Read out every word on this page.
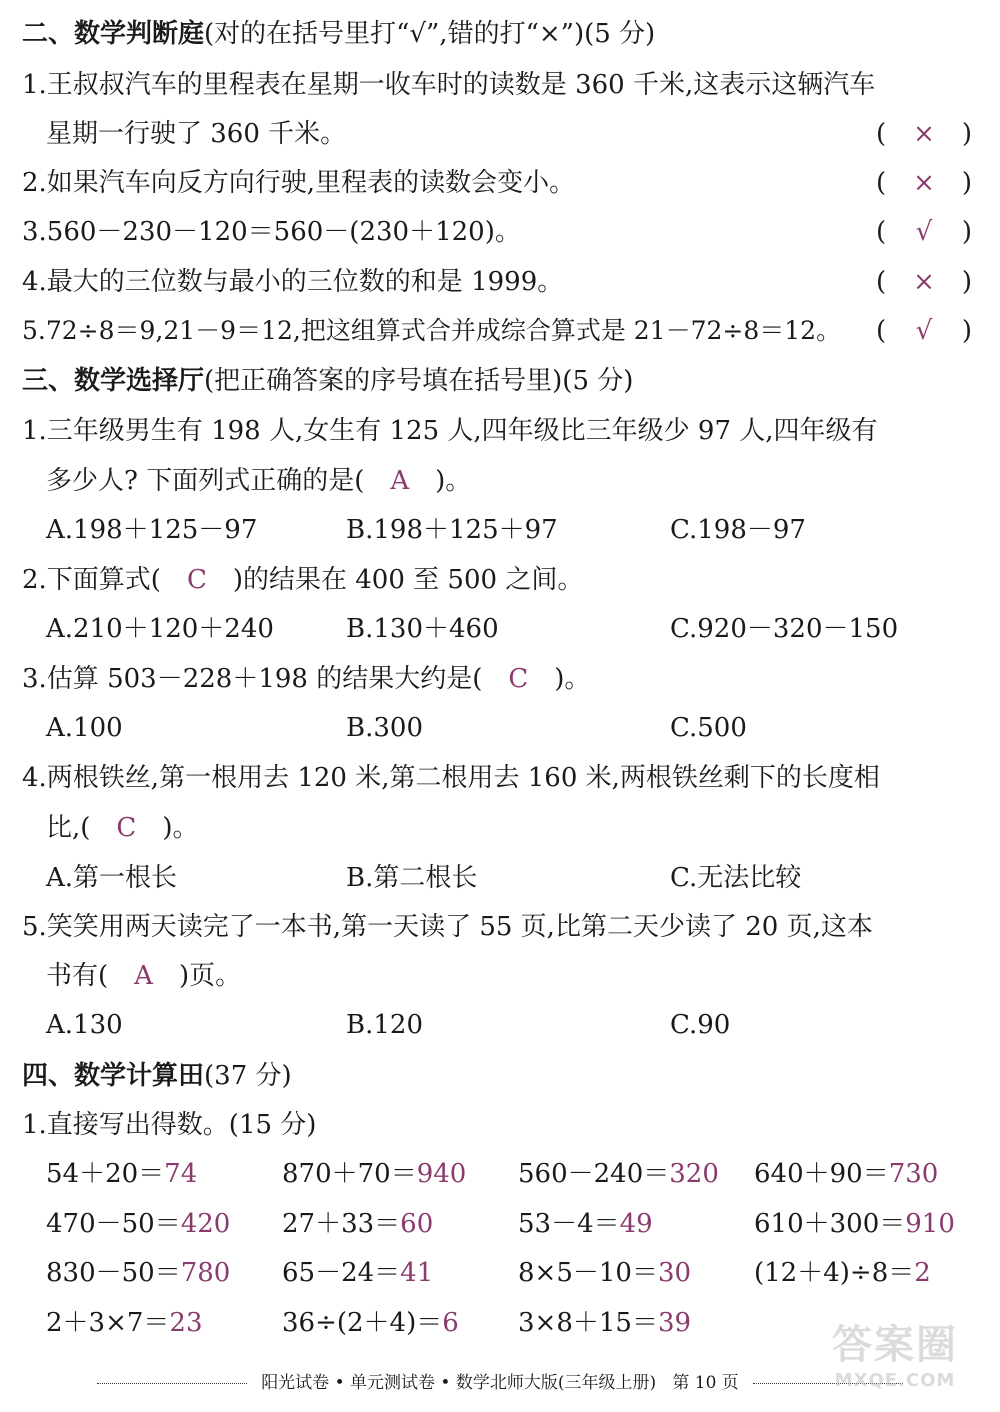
二、数学判断庭(对的在括号里打“√”,错的打“×”)(5 分)
1.王叔叔汽车的里程表在星期一收车时的读数是 360 千米,这表示这辆汽车
星期一行驶了 360 千米。	( × )
2.如果汽车向反方向行驶,里程表的读数会变小。	( × )
3.560－230－120＝560－(230＋120)。	( √ )
4.最大的三位数与最小的三位数的和是 1999。	( × )
5.72÷8＝9,21－9＝12,把这组算式合并成综合算式是 21－72÷8＝12。 ( √ )
三、数学选择厅(把正确答案的序号填在括号里)(5 分)
1.三年级男生有 198 人,女生有 125 人,四年级比三年级少 97 人,四年级有
多少人? 下面列式正确的是( A )。
A.198＋125－97	B.198＋125＋97	C.198－97
2.下面算式( C )的结果在 400 至 500 之间。
A.210＋120＋240	B.130＋460	C.920－320－150
3.估算 503－228＋198 的结果大约是( C )。
A.100	B.300	C.500
4.两根铁丝,第一根用去 120 米,第二根用去 160 米,两根铁丝剩下的长度相
比,( C )。
A.第一根长	B.第二根长	C.无法比较
5.笑笑用两天读完了一本书,第一天读了 55 页,比第二天少读了 20 页,这本
书有( A )页。
A.130	B.120	C.90
四、数学计算田(37 分)
1.直接写出得数。(15 分)
54＋20＝74	870＋70＝940 560－240＝320 640＋90＝730
470－50＝420 27＋33＝60	53－4＝49	610＋300＝910
830－50＝780 65－24＝41	8×5－10＝30 (12＋4)÷8＝2
2＋3×7＝23	36÷(2＋4)＝6 3×8＋15＝39
阳光试卷 • 单元测试卷 • 数学北师大版(三年级上册) 第 10 页
答案圈
MXQE.COM
